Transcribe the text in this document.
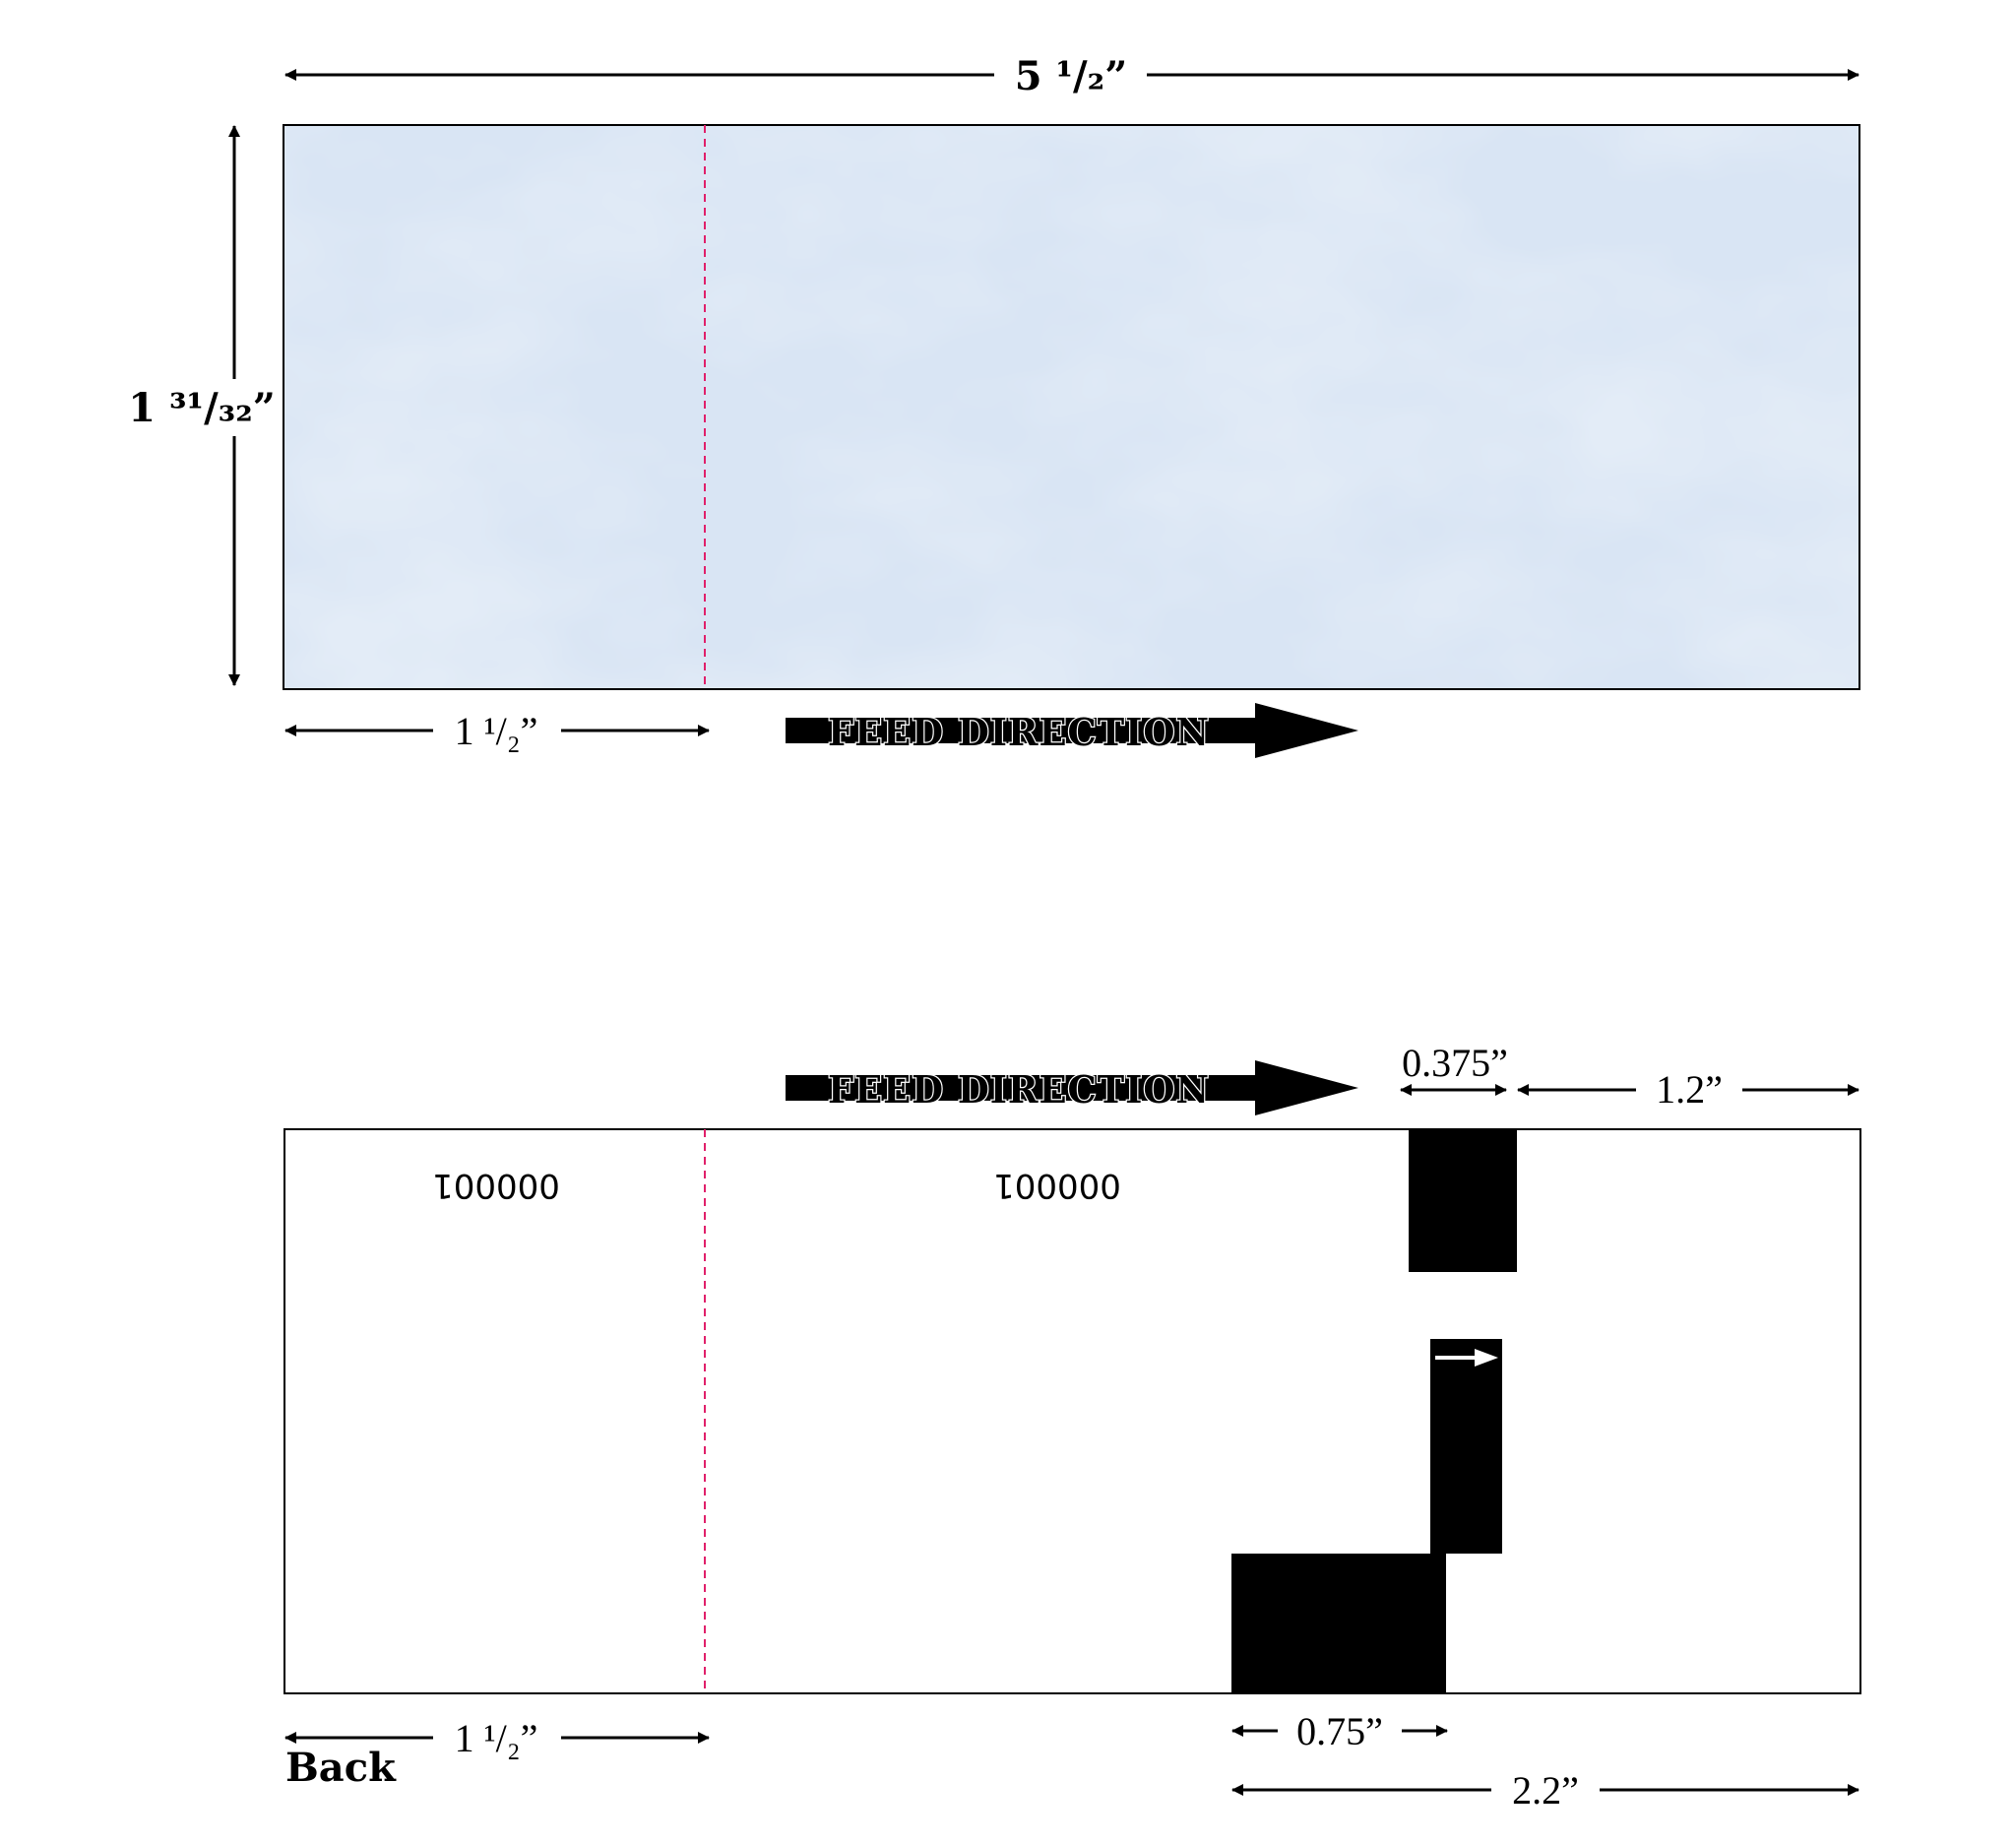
5 ¹/₂”
1 ³¹/₃₂”
1 ¹/₂”	FEED DIRECTION
FEED DIRECTION
0.375”
1.2”
000001	000001
1 ¹/₂”
Back
0.75”
2.2”
